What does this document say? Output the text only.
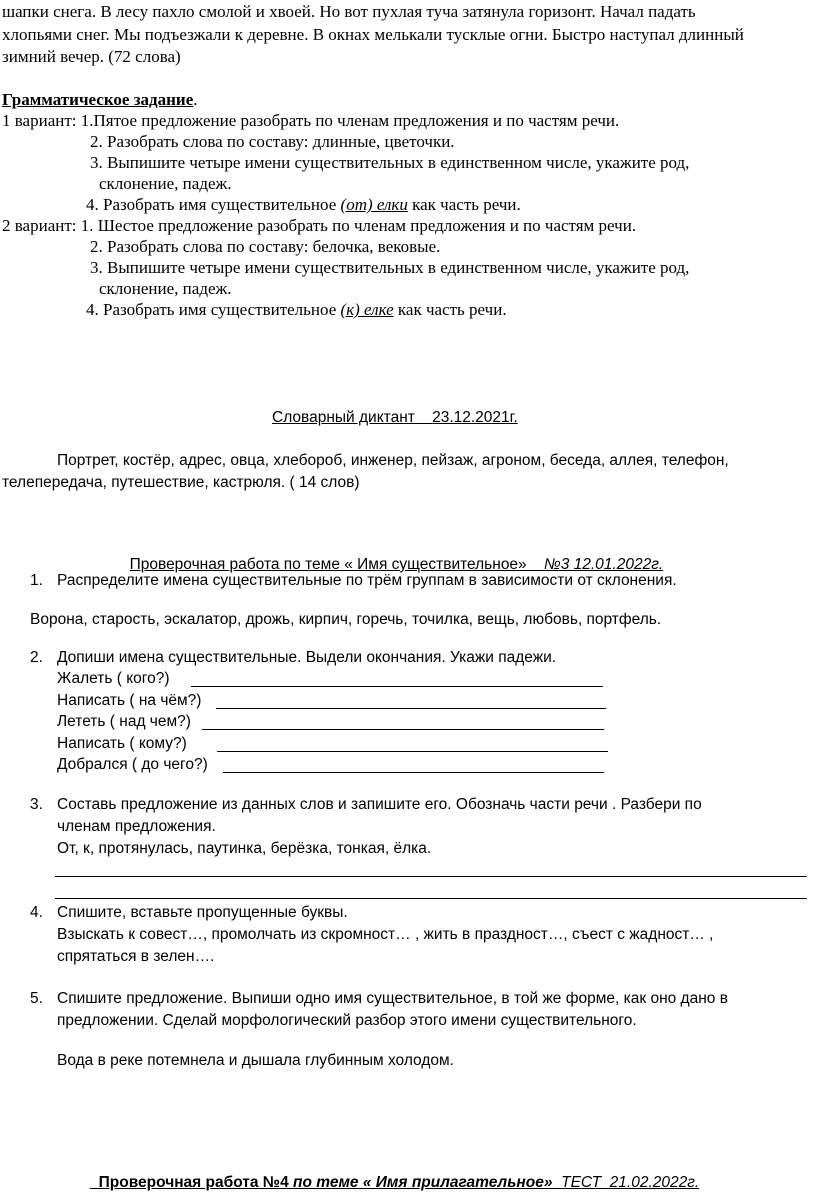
шапки снега. В лесу пахло смолой и хвоей. Но вот пухлая туча затянула горизонт. Начал падать
хлопьями снег. Мы подъезжали к деревне. В окнах мелькали тусклые огни. Быстро наступал длинный
зимний вечер. (72 слова)
Грамматическое задание.
1 вариант: 1.Пятое предложение разобрать по членам предложения и по частям речи.
2. Разобрать слова по составу: длинные, цветочки.
3. Выпишите четыре имени существительных в единственном числе, укажите род,
склонение, падеж.
4. Разобрать имя существительное (от) елки как часть речи.
2 вариант: 1. Шестое предложение разобрать по членам предложения и по частям речи.
2. Разобрать слова по составу: белочка, вековые.
3. Выпишите четыре имени существительных в единственном числе, укажите род,
склонение, падеж.
4. Разобрать имя существительное (к) елке как часть речи.
Словарный диктант    23.12.2021г.
Портрет, костёр, адрес, овца, хлебороб, инженер, пейзаж, агроном, беседа, аллея, телефон,
телепередача, путешествие, кастрюля. ( 14 слов)

Проверочная работа по теме « Имя существительное»    №3 12.01.2022г.

1. Распределите имена существительные по трём группам в зависимости от склонения.
Ворона, старость, эскалатор, дрожь, кирпич, горечь, точилка, вещь, любовь, портфель.
2. Допиши имена существительные. Выдели окончания. Укажи падежи.
Жалеть ( кого?)
Написать ( на чём?)
Лететь ( над чем?)
Написать ( кому?)
Добрался ( до чего?)
3. Составь предложение из данных слов и запишите его. Обозначь части речи . Разбери по
членам предложения.
От, к, протянулась, паутинка, берёзка, тонкая, ёлка.
4. Спишите, вставьте пропущенные буквы.
Взыскать к совест…, промолчать из скромност… , жить в праздност…, съест с жадност… ,
спрятаться в зелен….
5. Спишите предложение. Выпиши одно имя существительное, в той же форме, как оно дано в
предложении. Сделай морфологический разбор этого имени существительного.
Вода в реке потемнела и дышала глубинным холодом.

Проверочная работа №4 по теме « Имя прилагательное»  ТЕСТ  21.02.2022г.
